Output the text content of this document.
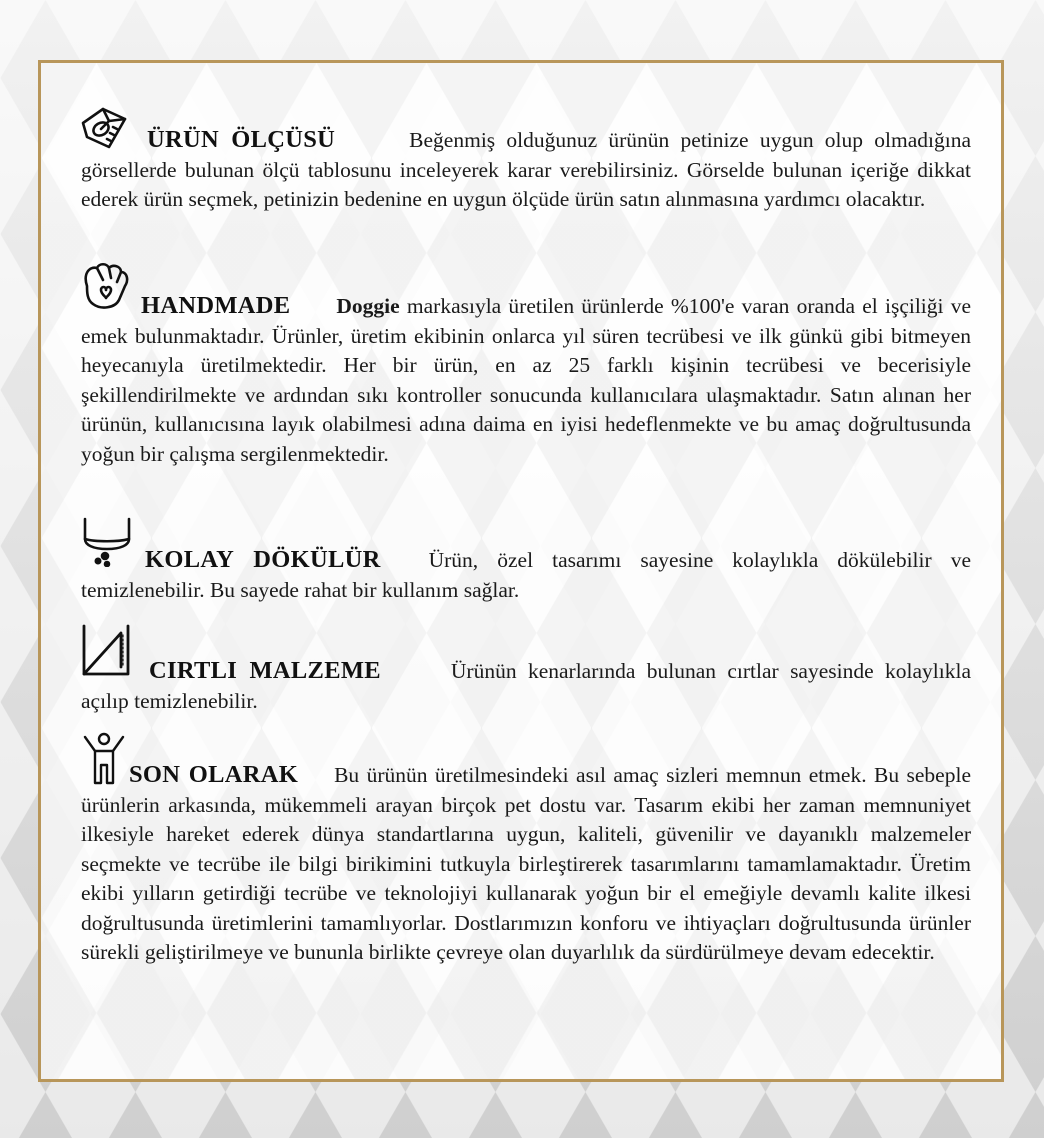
ÜRÜN ÖLÇÜSÜ	Beğenmiş olduğunuz ürünün petinize uygun olup olmadığına görsellerde bulunan ölçü tablosunu inceleyerek karar verebilirsiniz. Görselde bulunan içeriğe dikkat ederek ürün seçmek, petinizin bedenine en uygun ölçüde ürün satın alınmasına yardımcı olacaktır.
HANDMADE Doggie markasıyla üretilen ürünlerde %100'e varan oranda el işçiliği ve emek bulunmaktadır. Ürünler, üretim ekibinin onlarca yıl süren tecrübesi ve ilk günkü gibi bitmeyen heyecanıyla üretilmektedir. Her bir ürün, en az 25 farklı kişinin tecrübesi ve becerisiyle şekillendirilmekte ve ardından sıkı kontroller sonucunda kullanıcılara ulaşmaktadır. Satın alınan her ürünün, kullanıcısına layık olabilmesi adına daima en iyisi hedeflenmekte ve bu amaç doğrultusunda yoğun bir çalışma sergilenmektedir.
KOLAY DÖKÜLÜR Ürün, özel tasarımı sayesine kolaylıkla dökülebilir ve temizlenebilir. Bu sayede rahat bir kullanım sağlar.
CIRTLI MALZEME	Ürünün kenarlarında bulunan cırtlar sayesinde kolaylıkla açılıp temizlenebilir.
SON OLARAK Bu ürünün üretilmesindeki asıl amaç sizleri memnun etmek. Bu sebeple ürünlerin arkasında, mükemmeli arayan birçok pet dostu var. Tasarım ekibi her zaman memnuniyet ilkesiyle hareket ederek dünya standartlarına uygun, kaliteli, güvenilir ve dayanıklı malzemeler seçmekte ve tecrübe ile bilgi birikimini tutkuyla birleştirerek tasarımlarını tamamlamaktadır. Üretim ekibi yılların getirdiği tecrübe ve teknolojiyi kullanarak yoğun bir el emeğiyle devamlı kalite ilkesi doğrultusunda üretimlerini tamamlıyorlar. Dostlarımızın konforu ve ihtiyaçları doğrultusunda ürünler sürekli geliştirilmeye ve bununla birlikte çevreye olan duyarlılık da sürdürülmeye devam edecektir.
